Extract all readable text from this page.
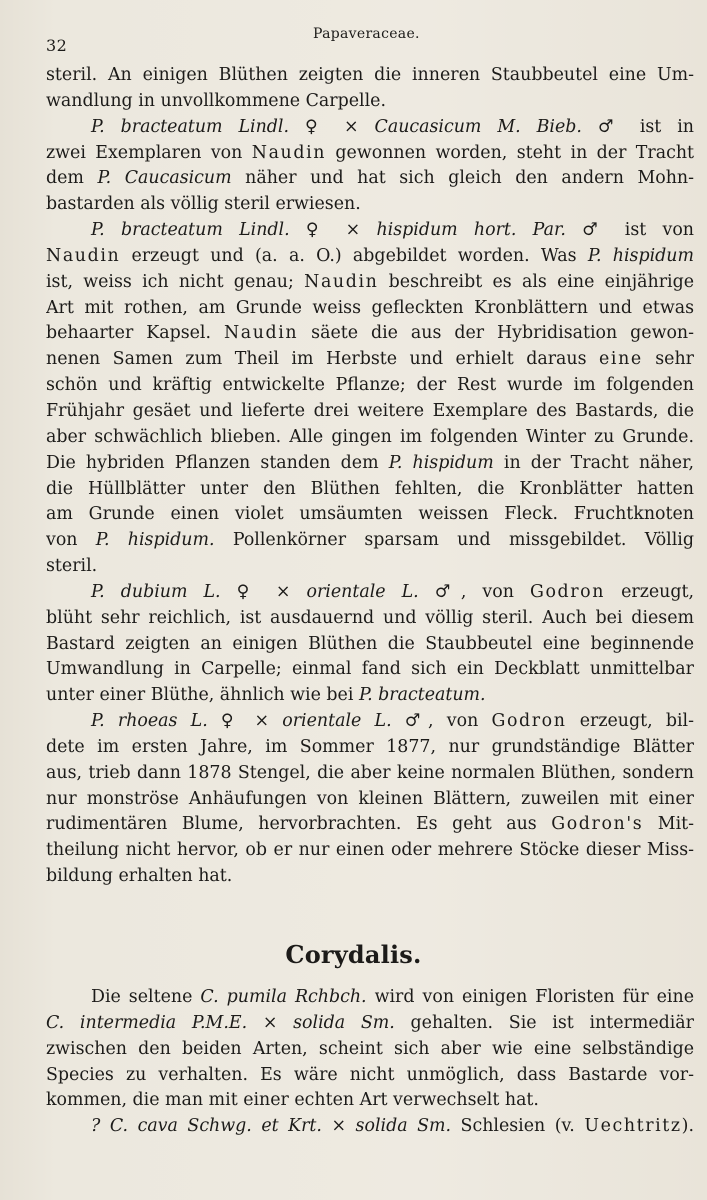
32
Papaveraceae.
steril. An einigen Blüthen zeigten die inneren Staubbeutel eine Um-
wandlung in unvollkommene Carpelle.
P. bracteatum Lindl. ♀ × Caucasicum M. Bieb. ♂ ist in
zwei Exemplaren von Naudin gewonnen worden, steht in der Tracht
dem P. Caucasicum näher und hat sich gleich den andern Mohn-
bastarden als völlig steril erwiesen.
P. bracteatum Lindl. ♀ × hispidum hort. Par. ♂ ist von
Naudin erzeugt und (a. a. O.) abgebildet worden. Was P. hispidum
ist, weiss ich nicht genau; Naudin beschreibt es als eine einjährige
Art mit rothen, am Grunde weiss gefleckten Kronblättern und etwas
behaarter Kapsel. Naudin säete die aus der Hybridisation gewon-
nenen Samen zum Theil im Herbste und erhielt daraus eine sehr
schön und kräftig entwickelte Pflanze; der Rest wurde im folgenden
Frühjahr gesäet und lieferte drei weitere Exemplare des Bastards, die
aber schwächlich blieben. Alle gingen im folgenden Winter zu Grunde.
Die hybriden Pflanzen standen dem P. hispidum in der Tracht näher,
die Hüllblätter unter den Blüthen fehlten, die Kronblätter hatten
am Grunde einen violet umsäumten weissen Fleck. Fruchtknoten
von P. hispidum. Pollenkörner sparsam und missgebildet. Völlig
steril.
P. dubium L. ♀ × orientale L. ♂, von Godron erzeugt,
blüht sehr reichlich, ist ausdauernd und völlig steril. Auch bei diesem
Bastard zeigten an einigen Blüthen die Staubbeutel eine beginnende
Umwandlung in Carpelle; einmal fand sich ein Deckblatt unmittelbar
unter einer Blüthe, ähnlich wie bei P. bracteatum.
P. rhoeas L. ♀ × orientale L. ♂, von Godron erzeugt, bil-
dete im ersten Jahre, im Sommer 1877, nur grundständige Blätter
aus, trieb dann 1878 Stengel, die aber keine normalen Blüthen, sondern
nur monströse Anhäufungen von kleinen Blättern, zuweilen mit einer
rudimentären Blume, hervorbrachten. Es geht aus Godron's Mit-
theilung nicht hervor, ob er nur einen oder mehrere Stöcke dieser Miss-
bildung erhalten hat.
Corydalis.
Die seltene C. pumila Rchbch. wird von einigen Floristen für eine
C. intermedia P.M.E. × solida Sm. gehalten. Sie ist intermediär
zwischen den beiden Arten, scheint sich aber wie eine selbständige
Species zu verhalten. Es wäre nicht unmöglich, dass Bastarde vor-
kommen, die man mit einer echten Art verwechselt hat.
? C. cava Schwg. et Krt. × solida Sm. Schlesien (v. Uechtritz).
